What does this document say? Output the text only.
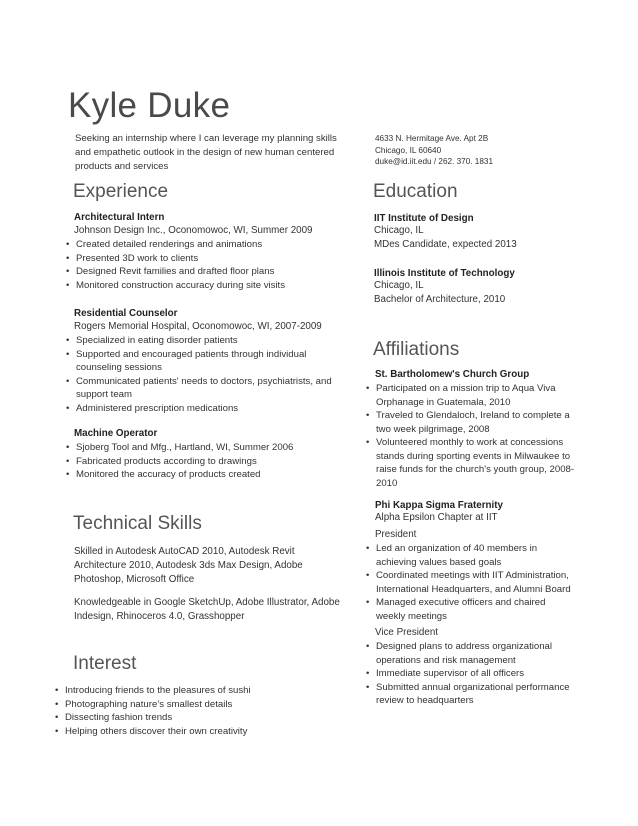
Kyle Duke
Seeking an internship where I can leverage my planning skills and empathetic outlook in the design of new human centered products and services
4633 N. Hermitage Ave. Apt 2B
Chicago, IL 60640
duke@id.iit.edu / 262. 370. 1831
Experience
Architectural Intern
Johnson Design Inc., Oconomowoc, WI, Summer 2009
• Created detailed renderings and animations
• Presented 3D work to clients
• Designed Revit families and drafted floor plans
• Monitored construction accuracy during site visits
Residential Counselor
Rogers Memorial Hospital, Oconomowoc, WI, 2007-2009
• Specialized in eating disorder patients
• Supported and encouraged patients through individual counseling sessions
• Communicated patients' needs to doctors, psychiatrists, and support team
• Administered prescription medications
Machine Operator
• Sjoberg Tool and Mfg., Hartland, WI, Summer 2006
• Fabricated products according to drawings
• Monitored the accuracy of products created
Technical Skills
Skilled in Autodesk AutoCAD 2010, Autodesk Revit Architecture 2010, Autodesk 3ds Max Design, Adobe Photoshop, Microsoft Office
Knowledgeable in Google SketchUp, Adobe Illustrator, Adobe Indesign, Rhinoceros 4.0, Grasshopper
Interest
• Introducing friends to the pleasures of sushi
• Photographing nature’s smallest details
• Dissecting fashion trends
• Helping others discover their own creativity
Education
IIT Institute of Design
Chicago, IL
MDes Candidate, expected 2013
Illinois Institute of Technology
Chicago, IL
Bachelor of Architecture, 2010
Affiliations
St. Bartholomew's Church Group
• Participated on a mission trip to Aqua Viva Orphanage in Guatemala, 2010
• Traveled to Glendaloch, Ireland to complete a two week pilgrimage, 2008
• Volunteered monthly to work at concessions stands during sporting events in Milwaukee to raise funds for the church's youth group, 2008-2010
Phi Kappa Sigma Fraternity
Alpha Epsilon Chapter at IIT
President
• Led an organization of 40 members in achieving values based goals
• Coordinated meetings with IIT Administration, International Headquarters, and Alumni Board
• Managed executive officers and chaired weekly meetings
Vice President
• Designed plans to address organizational operations and risk management
• Immediate supervisor of all officers
• Submitted annual organizational performance review to headquarters
